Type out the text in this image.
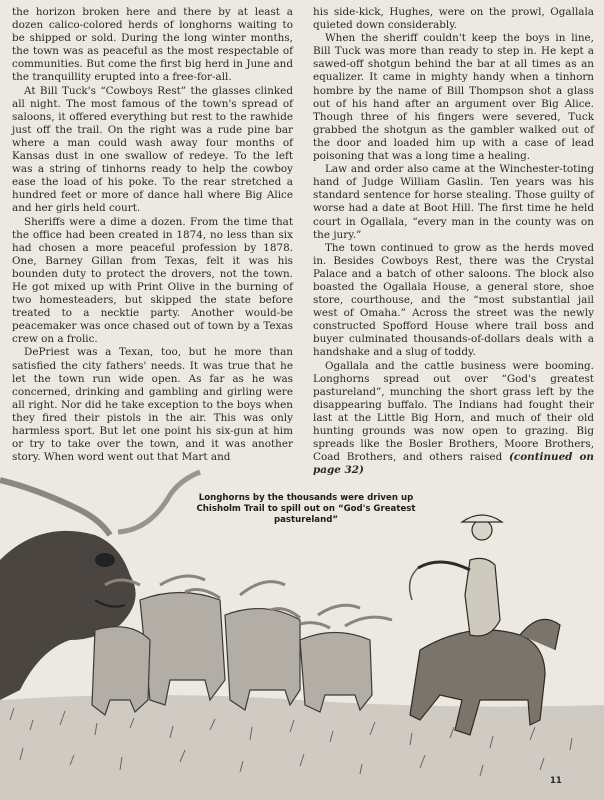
the horizon broken here and there by at least a dozen calico-colored herds of longhorns waiting to be shipped or sold. During the long winter months, the town was as peaceful as the most respectable of communities. But come the first big herd in June and the tranquillity erupted into a free-for-all.

At Bill Tuck's “Cowboys Rest” the glasses clinked all night. The most famous of the town's spread of saloons, it offered everything but rest to the rawhide just off the trail. On the right was a rude pine bar where a man could wash away four months of Kansas dust in one swallow of redeye. To the left was a string of tinhorns ready to help the cowboy ease the load of his poke. To the rear stretched a hundred feet or more of dance hall where Big Alice and her girls held court.

Sheriffs were a dime a dozen. From the time that the office had been created in 1874, no less than six had chosen a more peaceful profession by 1878. One, Barney Gillan from Texas, felt it was his bounden duty to protect the drovers, not the town. He got mixed up with Print Olive in the burning of two homesteaders, but skipped the state before treated to a necktie party. Another would-be peacemaker was once chased out of town by a Texas crew on a frolic.

DePriest was a Texan, too, but he more than satisfied the city fathers' needs. It was true that he let the town run wide open. As far as he was concerned, drinking and gambling and girling were all right. Nor did he take exception to the boys when they fired their pistols in the air. This was only harmless sport. But let one point his six-gun at him or try to take over the town, and it was another story. When word went out that Mart and

his side-kick, Hughes, were on the prowl, Ogallala quieted down considerably.

When the sheriff couldn't keep the boys in line, Bill Tuck was more than ready to step in. He kept a sawed-off shotgun behind the bar at all times as an equalizer. It came in mighty handy when a tinhorn hombre by the name of Bill Thompson shot a glass out of his hand after an argument over Big Alice. Though three of his fingers were severed, Tuck grabbed the shotgun as the gambler walked out of the door and loaded him up with a case of lead poisoning that was a long time a healing.

Law and order also came at the Winchester-toting hand of Judge William Gaslin. Ten years was his standard sentence for horse stealing. Those guilty of worse had a date at Boot Hill. The first time he held court in Ogallala, “every man in the county was on the jury.”

The town continued to grow as the herds moved in. Besides Cowboys Rest, there was the Crystal Palace and a batch of other saloons. The block also boasted the Ogallala House, a general store, shoe store, courthouse, and the “most substantial jail west of Omaha.” Across the street was the newly constructed Spofford House where trail boss and buyer culminated thousands-of-dollars deals with a handshake and a slug of toddy.

Ogallala and the cattle business were booming. Longhorns spread out over “God's greatest pastureland”, munching the short grass left by the disappearing buffalo. The Indians had fought their last at the Little Big Horn, and much of their old hunting grounds was now open to grazing. Big spreads like the Bosler Brothers, Moore Brothers, Coad Brothers, and others raised (continued on page 32)

Longhorns by the thousands were driven up Chisholm Trail to spill out on “God's Greatest pastureland”
11
